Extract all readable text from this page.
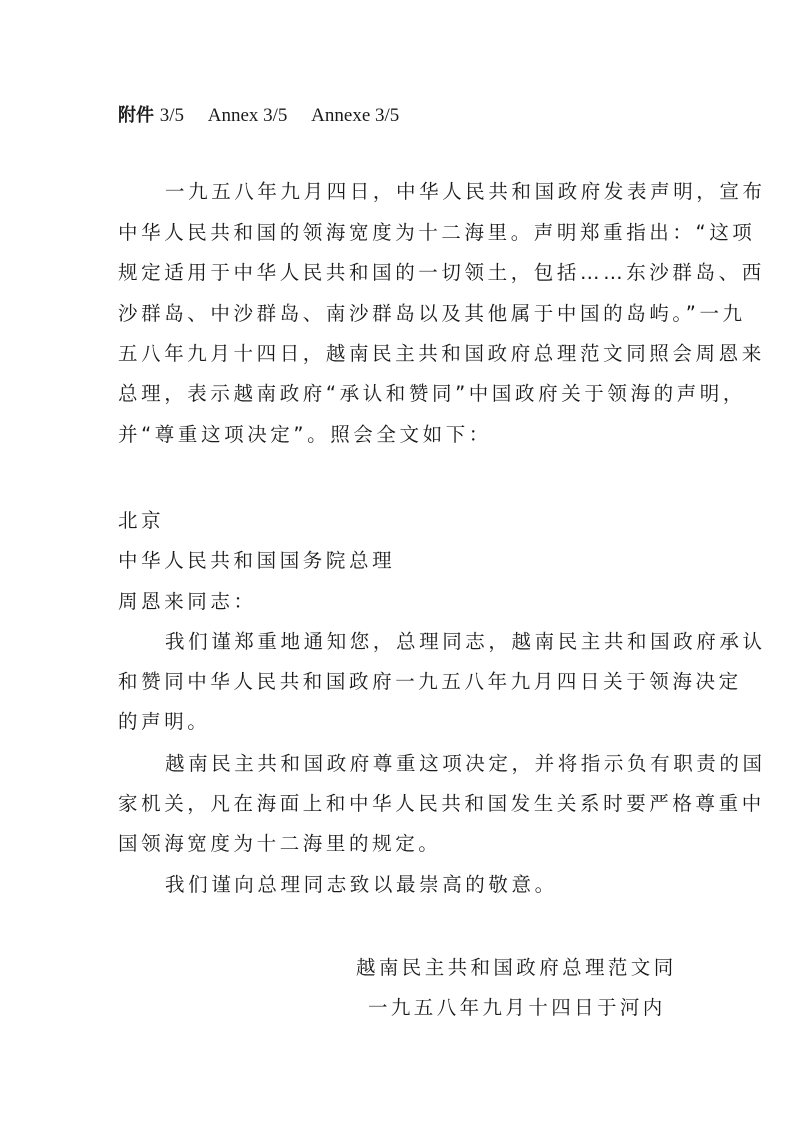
附件 3/5 Annex 3/5 Annexe 3/5
一九五八年九月四日，中华人民共和国政府发表声明，宣布
中华人民共和国的领海宽度为十二海里。声明郑重指出：“这项
规定适用于中华人民共和国的一切领土，包括……东沙群岛、西
沙群岛、中沙群岛、南沙群岛以及其他属于中国的岛屿。”一九
五八年九月十四日，越南民主共和国政府总理范文同照会周恩来
总理，表示越南政府“承认和赞同”中国政府关于领海的声明，
并“尊重这项决定”。照会全文如下：
北京
中华人民共和国国务院总理
周恩来同志：
我们谨郑重地通知您，总理同志，越南民主共和国政府承认
和赞同中华人民共和国政府一九五八年九月四日关于领海决定
的声明。
越南民主共和国政府尊重这项决定，并将指示负有职责的国
家机关，凡在海面上和中华人民共和国发生关系时要严格尊重中
国领海宽度为十二海里的规定。
我们谨向总理同志致以最崇高的敬意。
越南民主共和国政府总理范文同
一九五八年九月十四日于河内
